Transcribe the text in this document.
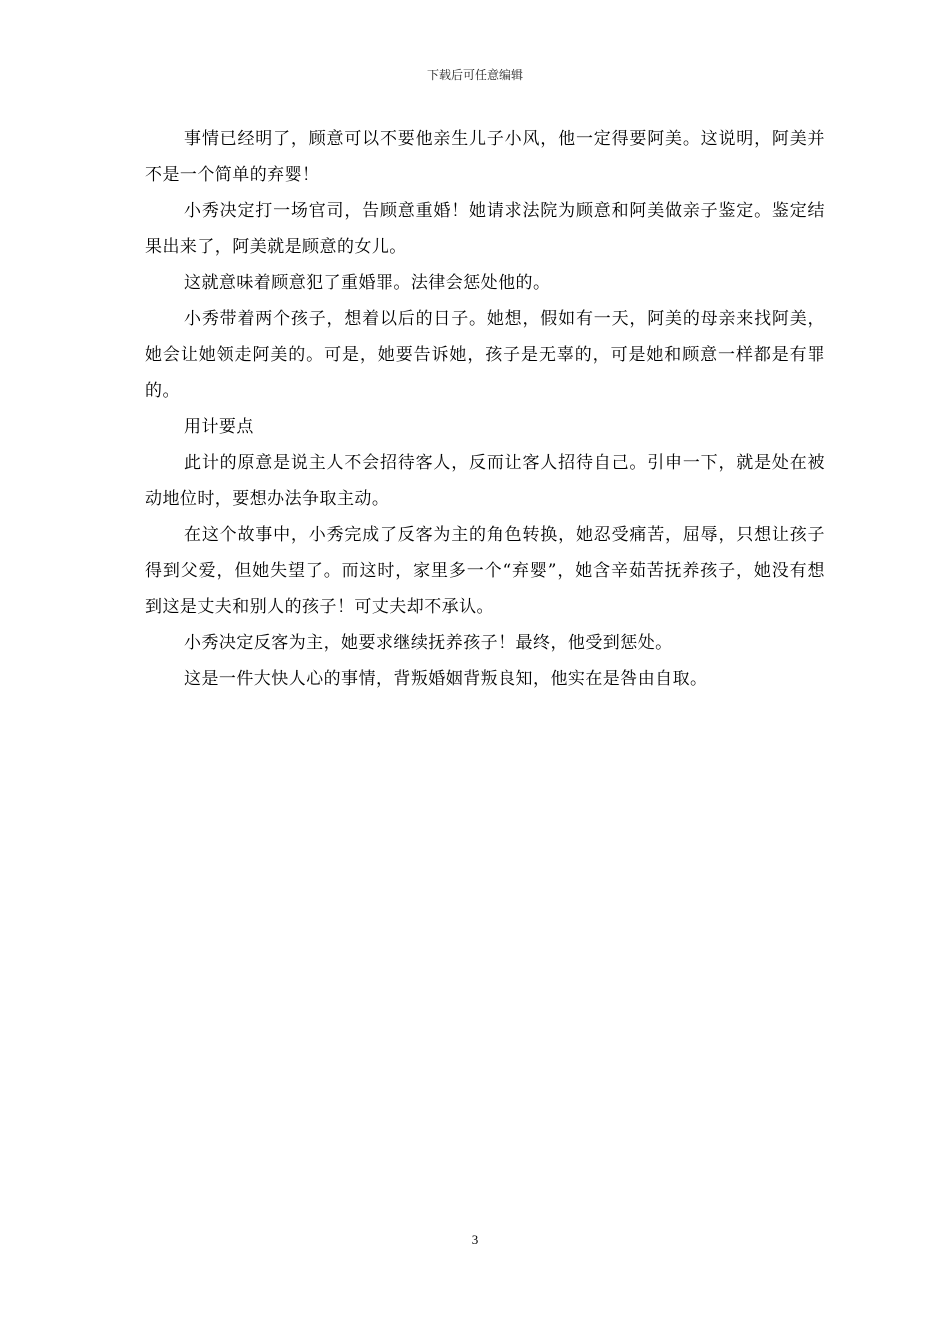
下载后可任意编辑

事情已经明了，顾意可以不要他亲生儿子小风，他一定得要阿美。这说明，阿美并不是一个简单的弃婴！

小秀决定打一场官司，告顾意重婚！她请求法院为顾意和阿美做亲子鉴定。鉴定结果出来了，阿美就是顾意的女儿。

这就意味着顾意犯了重婚罪。法律会惩处他的。

小秀带着两个孩子，想着以后的日子。她想，假如有一天，阿美的母亲来找阿美，她会让她领走阿美的。可是，她要告诉她，孩子是无辜的，可是她和顾意一样都是有罪的。

用计要点

此计的原意是说主人不会招待客人，反而让客人招待自己。引申一下，就是处在被动地位时，要想办法争取主动。

在这个故事中，小秀完成了反客为主的角色转换，她忍受痛苦，屈辱，只想让孩子得到父爱，但她失望了。而这时，家里多一个“弃婴”，她含辛茹苦抚养孩子，她没有想到这是丈夫和别人的孩子！可丈夫却不承认。

小秀决定反客为主，她要求继续抚养孩子！最终，他受到惩处。

这是一件大快人心的事情，背叛婚姻背叛良知，他实在是咎由自取。

3
